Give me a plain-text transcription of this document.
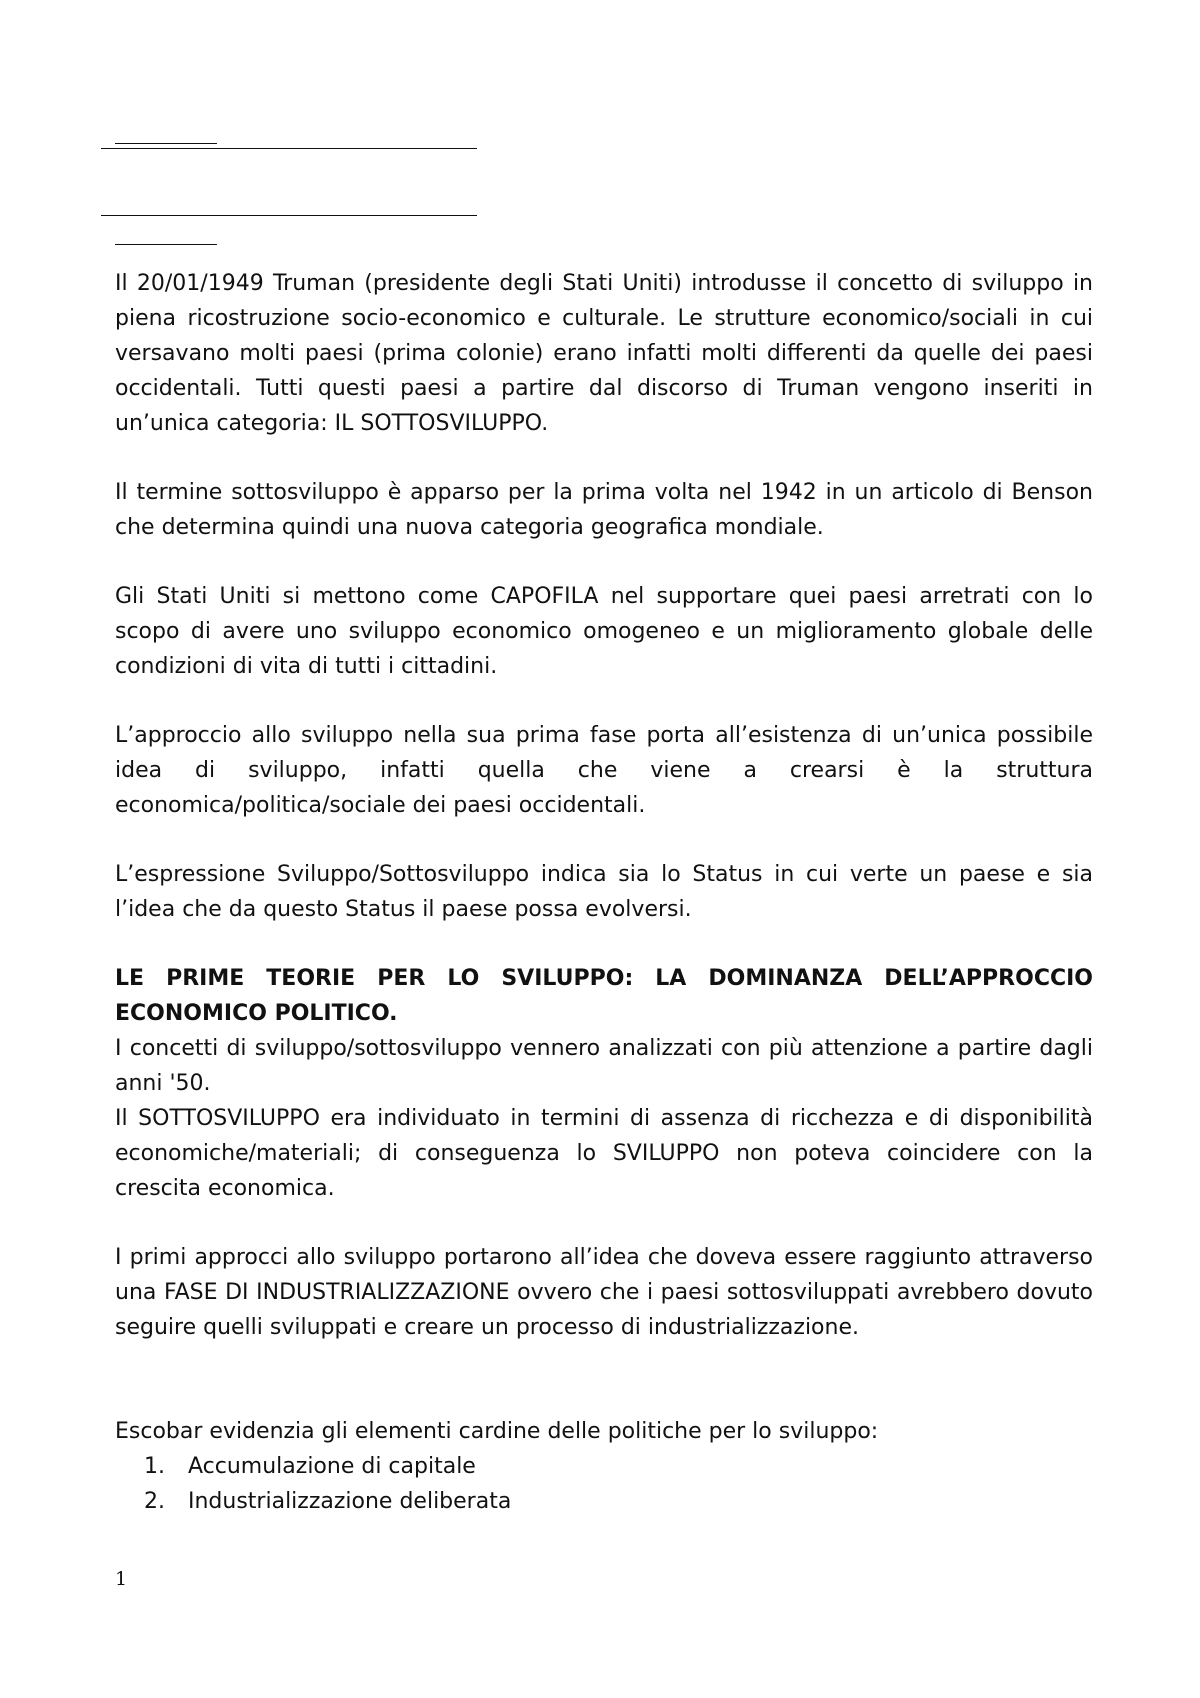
Il 20/01/1949 Truman (presidente degli Stati Uniti) introdusse il concetto di sviluppo in piena ricostruzione socio-economico e culturale. Le strutture economico/sociali in cui versavano molti paesi (prima colonie) erano infatti molti differenti da quelle dei paesi occidentali. Tutti questi paesi a partire dal discorso di Truman vengono inseriti in un’unica categoria: IL SOTTOSVILUPPO.

Il termine sottosviluppo è apparso per la prima volta nel 1942 in un articolo di Benson che determina quindi una nuova categoria geografica mondiale.

Gli Stati Uniti si mettono come CAPOFILA nel supportare quei paesi arretrati con lo scopo di avere uno sviluppo economico omogeneo e un miglioramento globale delle condizioni di vita di tutti i cittadini.

L’approccio allo sviluppo nella sua prima fase porta all’esistenza di un’unica possibile idea di sviluppo, infatti quella che viene a crearsi è la struttura economica/politica/sociale dei paesi occidentali.

L’espressione Sviluppo/Sottosviluppo indica sia lo Status in cui verte un paese e sia l’idea che da questo Status il paese possa evolversi.

LE PRIME TEORIE PER LO SVILUPPO: LA DOMINANZA DELL’APPROCCIO ECONOMICO POLITICO.

I concetti di sviluppo/sottosviluppo vennero analizzati con più attenzione a partire dagli anni '50.

Il SOTTOSVILUPPO era individuato in termini di assenza di ricchezza e di disponibilità economiche/materiali; di conseguenza lo SVILUPPO non poteva coincidere con la crescita economica.

I primi approcci allo sviluppo portarono all’idea che doveva essere raggiunto attraverso una FASE DI INDUSTRIALIZZAZIONE ovvero che i paesi sottosviluppati avrebbero dovuto seguire quelli sviluppati e creare un processo di industrializzazione.

Escobar evidenzia gli elementi cardine delle politiche per lo sviluppo:

1. Accumulazione di capitale
2. Industrializzazione deliberata
1
